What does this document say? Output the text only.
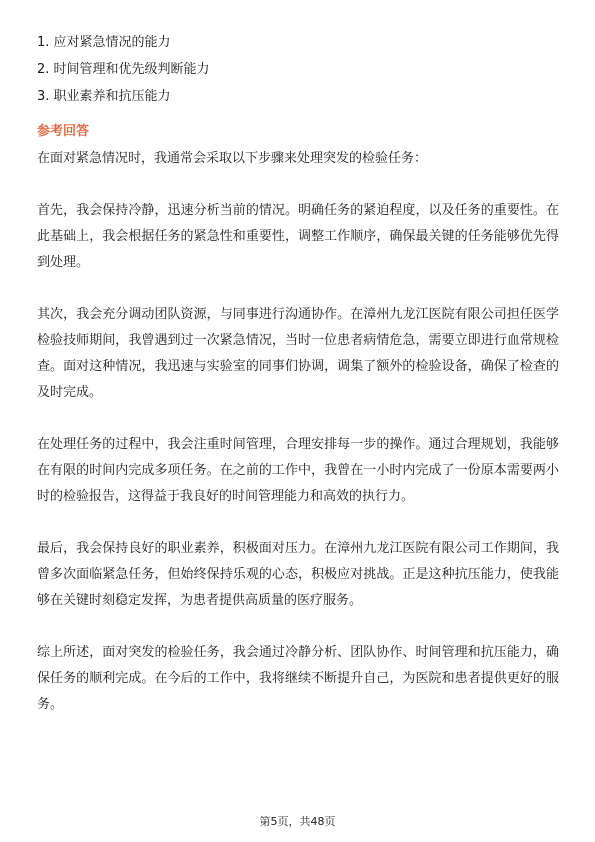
1. 应对紧急情况的能力
2. 时间管理和优先级判断能力
3. 职业素养和抗压能力
参考回答

在面对紧急情况时，我通常会采取以下步骤来处理突发的检验任务：

首先，我会保持冷静，迅速分析当前的情况。明确任务的紧迫程度，以及任务的重要性。在此基础上，我会根据任务的紧急性和重要性，调整工作顺序，确保最关键的任务能够优先得到处理。

其次，我会充分调动团队资源，与同事进行沟通协作。在漳州九龙江医院有限公司担任医学检验技师期间，我曾遇到过一次紧急情况，当时一位患者病情危急，需要立即进行血常规检查。面对这种情况，我迅速与实验室的同事们协调，调集了额外的检验设备，确保了检查的及时完成。

在处理任务的过程中，我会注重时间管理，合理安排每一步的操作。通过合理规划，我能够在有限的时间内完成多项任务。在之前的工作中，我曾在一小时内完成了一份原本需要两小时的检验报告，这得益于我良好的时间管理能力和高效的执行力。

最后，我会保持良好的职业素养，积极面对压力。在漳州九龙江医院有限公司工作期间，我曾多次面临紧急任务，但始终保持乐观的心态，积极应对挑战。正是这种抗压能力，使我能够在关键时刻稳定发挥，为患者提供高质量的医疗服务。

综上所述，面对突发的检验任务，我会通过冷静分析、团队协作、时间管理和抗压能力，确保任务的顺利完成。在今后的工作中，我将继续不断提升自己，为医院和患者提供更好的服务。

第5页，共48页
